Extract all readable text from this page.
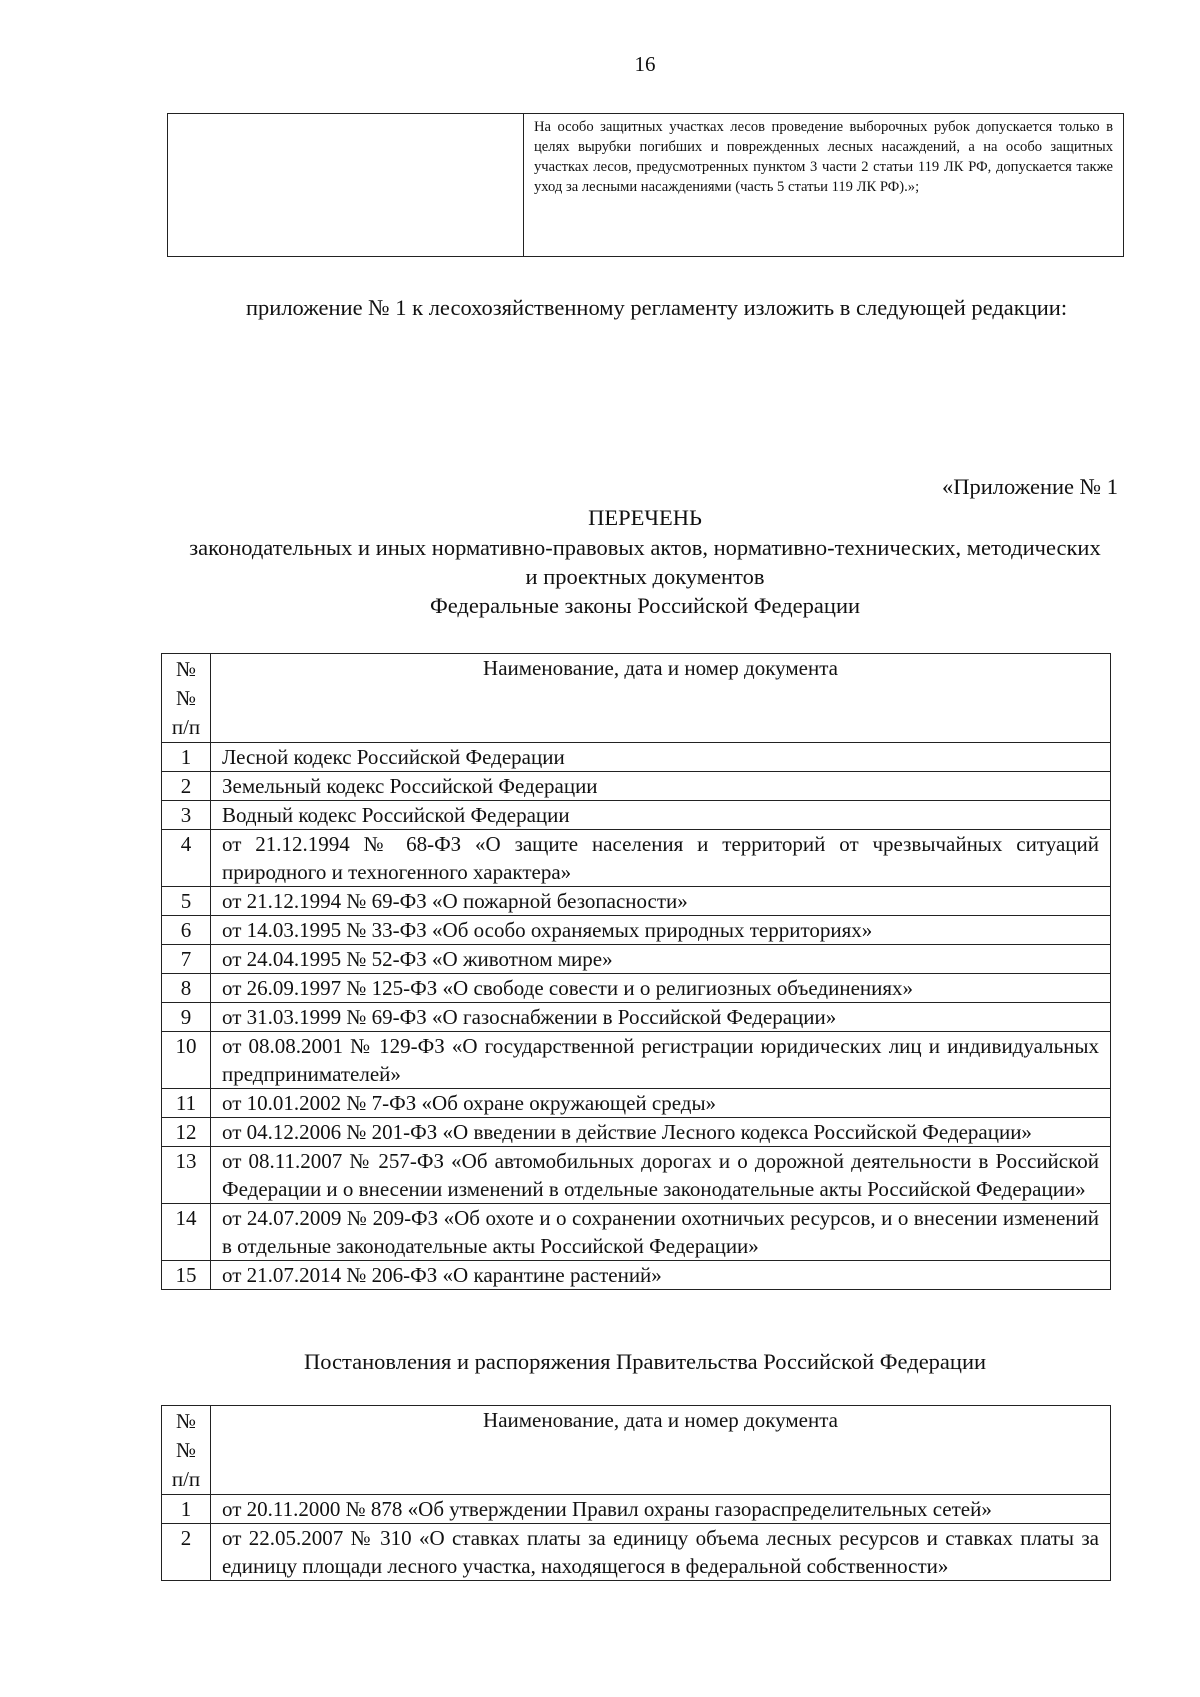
16
	На особо защитных участках лесов проведение выборочных рубок допускается только в целях вырубки погибших и поврежденных лесных насаждений, а на особо защитных участках лесов, предусмотренных пунктом 3 части 2 статьи 119 ЛК РФ, допускается также уход за лесными насаждениями (часть 5 статьи 119 ЛК РФ).»;

приложение № 1 к лесохозяйственному регламенту изложить в следующей редакции:

«Приложение № 1
ПЕРЕЧЕНЬ
законодательных и иных нормативно-правовых актов, нормативно-технических, методических и проектных документов
Федеральные законы Российской Федерации
№№ п/п	Наименование, дата и номер документа
1	Лесной кодекс Российской Федерации
2	Земельный кодекс Российской Федерации
3	Водный кодекс Российской Федерации
4	от 21.12.1994 № 68-ФЗ «О защите населения и территорий от чрезвычайных ситуаций природного и техногенного характера»
5	от 21.12.1994 № 69-ФЗ «О пожарной безопасности»
6	от 14.03.1995 № 33-ФЗ «Об особо охраняемых природных территориях»
7	от 24.04.1995 № 52-ФЗ «О животном мире»
8	от 26.09.1997 № 125-ФЗ «О свободе совести и о религиозных объединениях»
9	от 31.03.1999 № 69-ФЗ «О газоснабжении в Российской Федерации»
10	от 08.08.2001 № 129-ФЗ «О государственной регистрации юридических лиц и индивидуальных предпринимателей»
11	от 10.01.2002 № 7-ФЗ «Об охране окружающей среды»
12	от 04.12.2006 № 201-ФЗ «О введении в действие Лесного кодекса Российской Федерации»
13	от 08.11.2007 № 257-ФЗ «Об автомобильных дорогах и о дорожной деятельности в Российской Федерации и о внесении изменений в отдельные законодательные акты Российской Федерации»
14	от 24.07.2009 № 209-ФЗ «Об охоте и о сохранении охотничьих ресурсов, и о внесении изменений в отдельные законодательные акты Российской Федерации»
15	от 21.07.2014 № 206-ФЗ «О карантине растений»
Постановления и распоряжения Правительства Российской Федерации
№№ п/п	Наименование, дата и номер документа
1	от 20.11.2000 № 878 «Об утверждении Правил охраны газораспределительных сетей»
2	от 22.05.2007 № 310 «О ставках платы за единицу объема лесных ресурсов и ставках платы за единицу площади лесного участка, находящегося в федеральной собственности»
